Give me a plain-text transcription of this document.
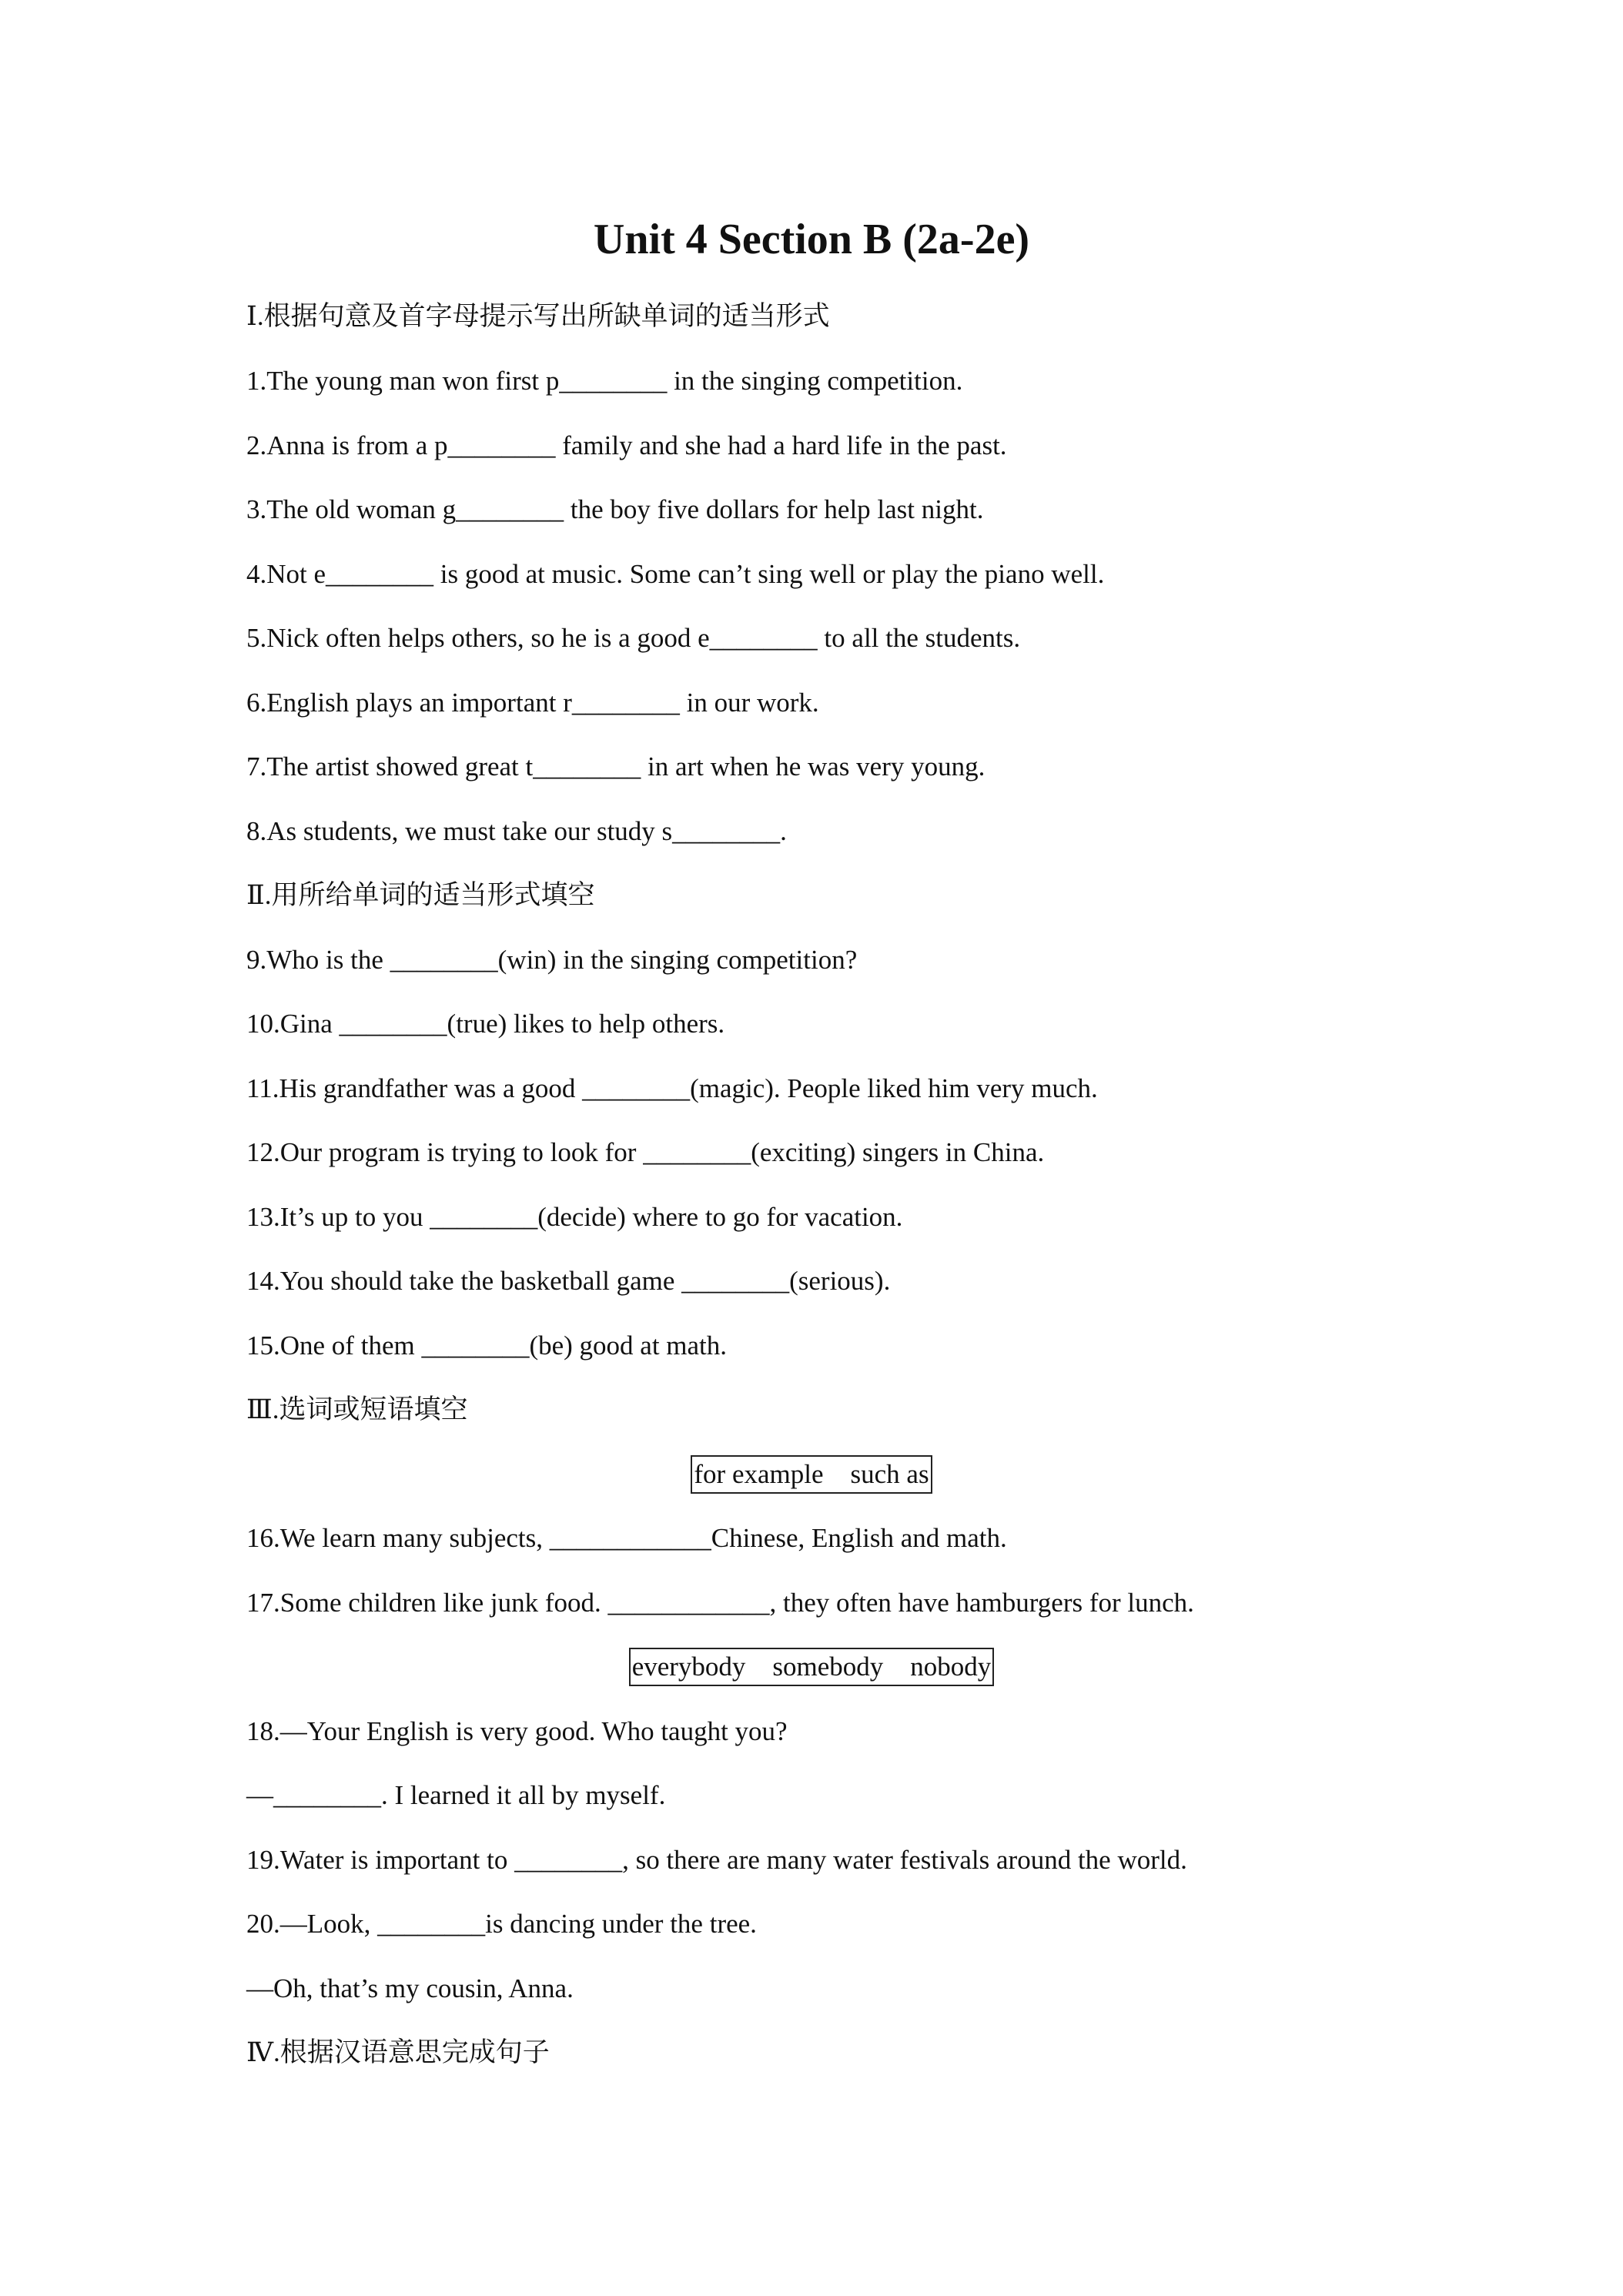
Unit 4 Section B (2a-2e)
Ⅰ.根据句意及首字母提示写出所缺单词的适当形式
1.The young man won first p________ in the singing competition.
2.Anna is from a p________ family and she had a hard life in the past.
3.The old woman g________ the boy five dollars for help last night.
4.Not e________ is good at music. Some can’t sing well or play the piano well.
5.Nick often helps others, so he is a good e________ to all the students.
6.English plays an important r________ in our work.
7.The artist showed great t________ in art when he was very young.
8.As students, we must take our study s________.
Ⅱ.用所给单词的适当形式填空
9.Who is the ________(win) in the singing competition?
10.Gina ________(true) likes to help others.
11.His grandfather was a good ________(magic). People liked him very much.
12.Our program is trying to look for ________(exciting) singers in China.
13.It’s up to you ________(decide) where to go for vacation.
14.You should take the basketball game ________(serious).
15.One of them ________(be) good at math.
Ⅲ.选词或短语填空
for example    such as
16.We learn many subjects, ____________Chinese, English and math.
17.Some children like junk food. ____________, they often have hamburgers for lunch.
everybody    somebody    nobody
18.—Your English is very good. Who taught you?
—________. I learned it all by myself.
19.Water is important to ________, so there are many water festivals around the world.
20.—Look, ________is dancing under the tree.
—Oh, that’s my cousin, Anna.
Ⅳ.根据汉语意思完成句子
